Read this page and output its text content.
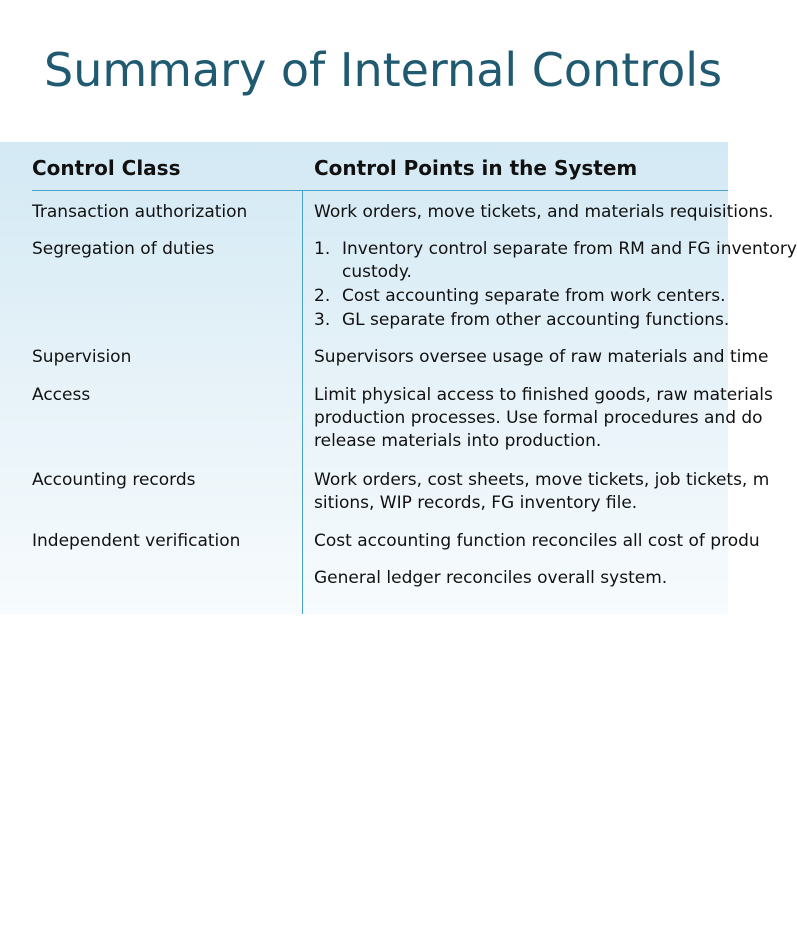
Summary of Internal Controls
Control Class	Control Points in the System
Transaction authorization	Work orders, move tickets, and materials requisitions.
Segregation of duties	1. Inventory control separate from RM and FG inventory
custody.
2. Cost accounting separate from work centers.
3. GL separate from other accounting functions.
Supervision	Supervisors oversee usage of raw materials and time
Access	Limit physical access to finished goods, raw materials
production processes. Use formal procedures and do
release materials into production.
Accounting records	Work orders, cost sheets, move tickets, job tickets, m
sitions, WIP records, FG inventory file.
Independent verification	Cost accounting function reconciles all cost of produ
General ledger reconciles overall system.
